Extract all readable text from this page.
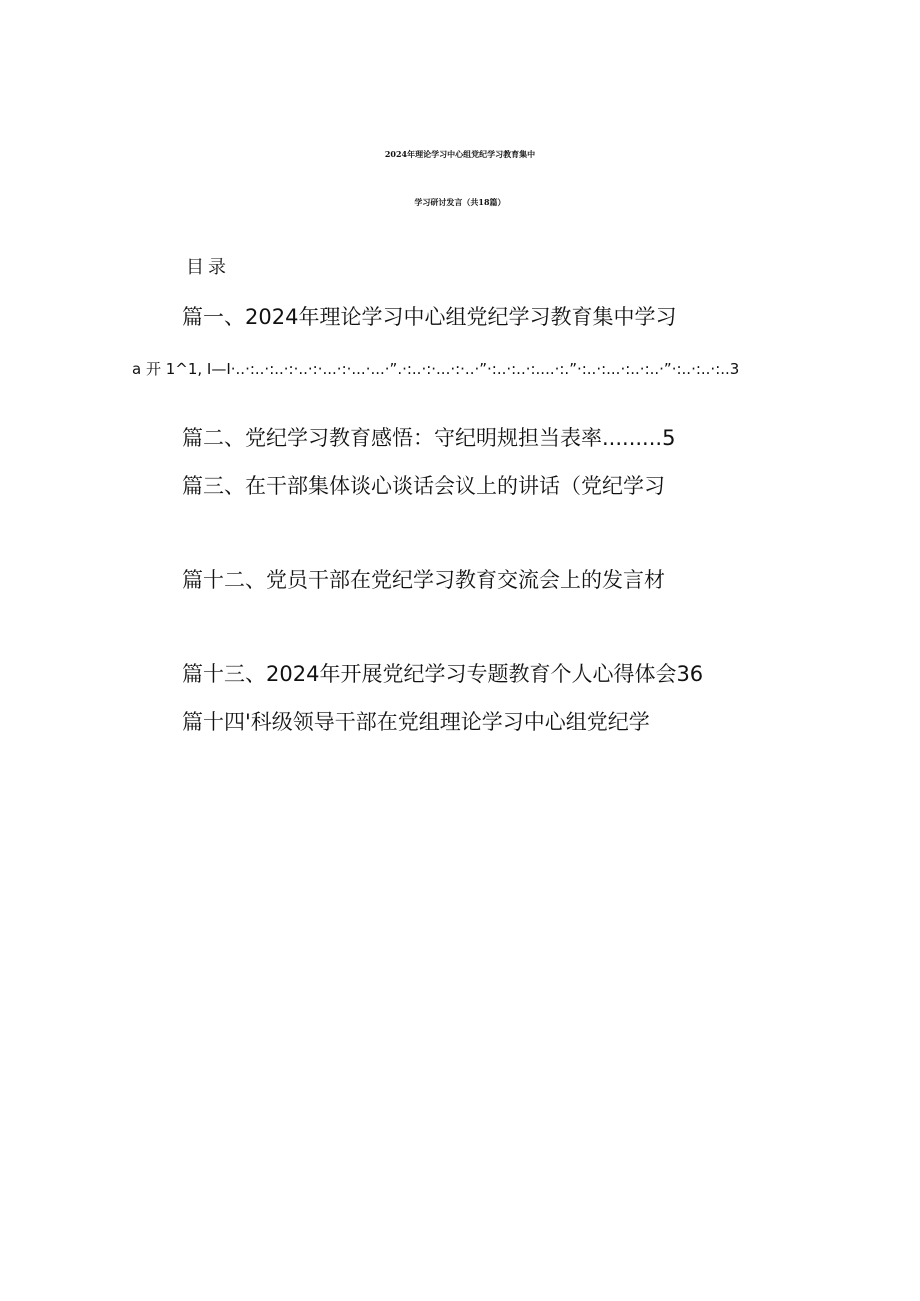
2024年理论学习中心组党纪学习教育集中
学习研讨发言（共18篇）
目录
篇一、2024年理论学习中心组党纪学习教育集中学习
a 开 1^1, I—I·..·:..·:..·:·..·:·...·:·...·...·”.·:..·:·...·:·..·”·:..·:..·:....·:.”·:..·:...·:..·:..·”·:..·:..·:..3
篇二、党纪学习教育感悟：守纪明规担当表率.........5
篇三、在干部集体谈心谈话会议上的讲话（党纪学习
篇十二、党员干部在党纪学习教育交流会上的发言材
篇十三、2024年开展党纪学习专题教育个人心得体会36
篇十四'科级领导干部在党组理论学习中心组党纪学
